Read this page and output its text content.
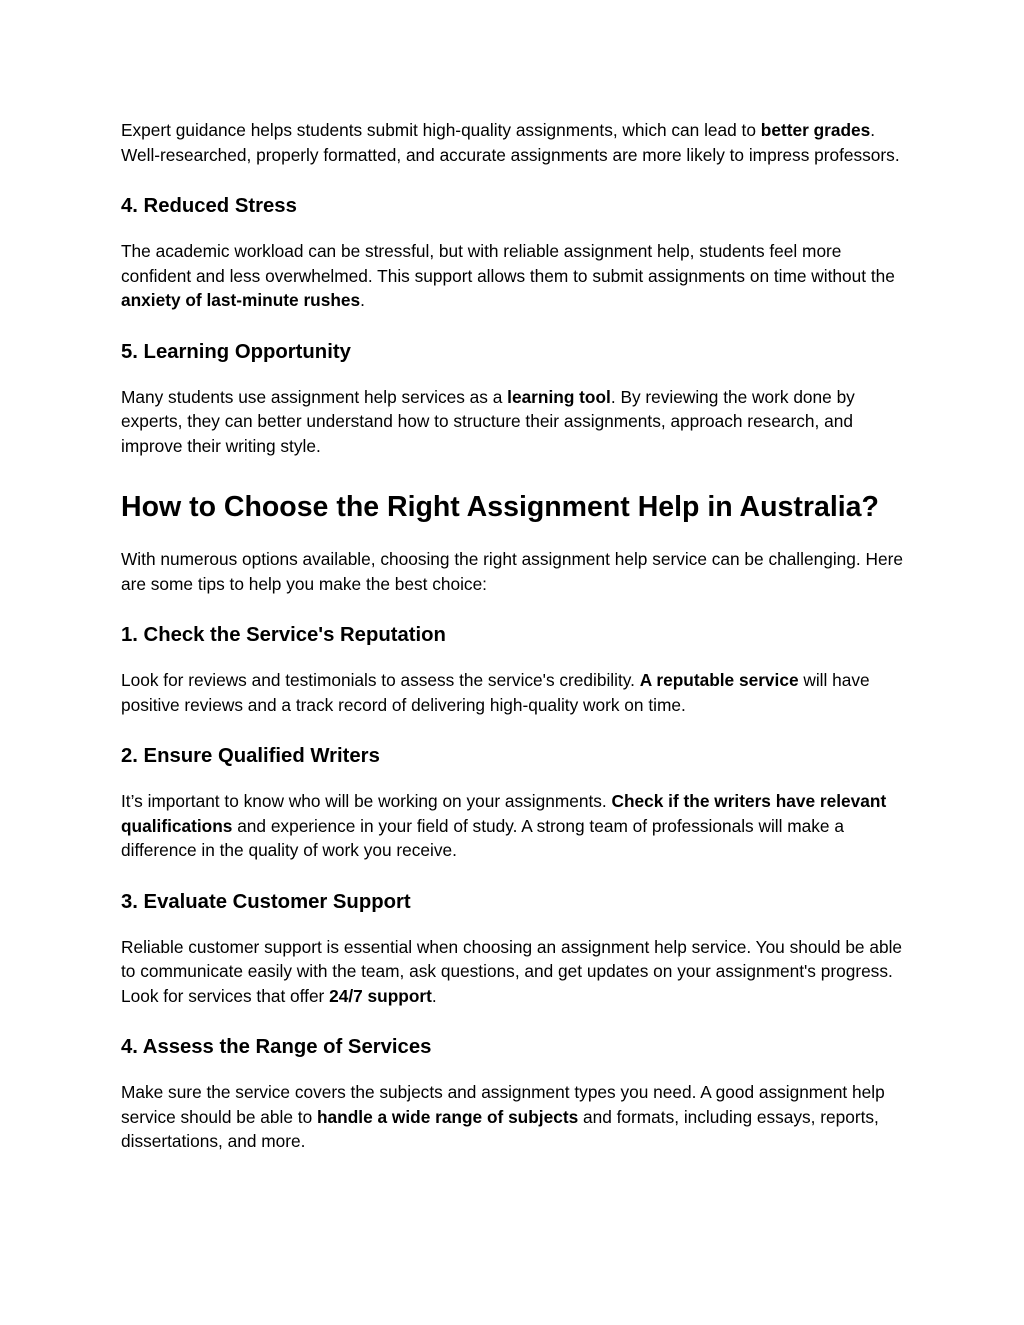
Expert guidance helps students submit high-quality assignments, which can lead to better grades. Well-researched, properly formatted, and accurate assignments are more likely to impress professors.

4. Reduced Stress

The academic workload can be stressful, but with reliable assignment help, students feel more confident and less overwhelmed. This support allows them to submit assignments on time without the anxiety of last-minute rushes.

5. Learning Opportunity

Many students use assignment help services as a learning tool. By reviewing the work done by experts, they can better understand how to structure their assignments, approach research, and improve their writing style.

How to Choose the Right Assignment Help in Australia?

With numerous options available, choosing the right assignment help service can be challenging. Here are some tips to help you make the best choice:

1. Check the Service's Reputation

Look for reviews and testimonials to assess the service's credibility. A reputable service will have positive reviews and a track record of delivering high-quality work on time.

2. Ensure Qualified Writers

It’s important to know who will be working on your assignments. Check if the writers have relevant qualifications and experience in your field of study. A strong team of professionals will make a difference in the quality of work you receive.

3. Evaluate Customer Support

Reliable customer support is essential when choosing an assignment help service. You should be able to communicate easily with the team, ask questions, and get updates on your assignment's progress. Look for services that offer 24/7 support.

4. Assess the Range of Services

Make sure the service covers the subjects and assignment types you need. A good assignment help service should be able to handle a wide range of subjects and formats, including essays, reports, dissertations, and more.
